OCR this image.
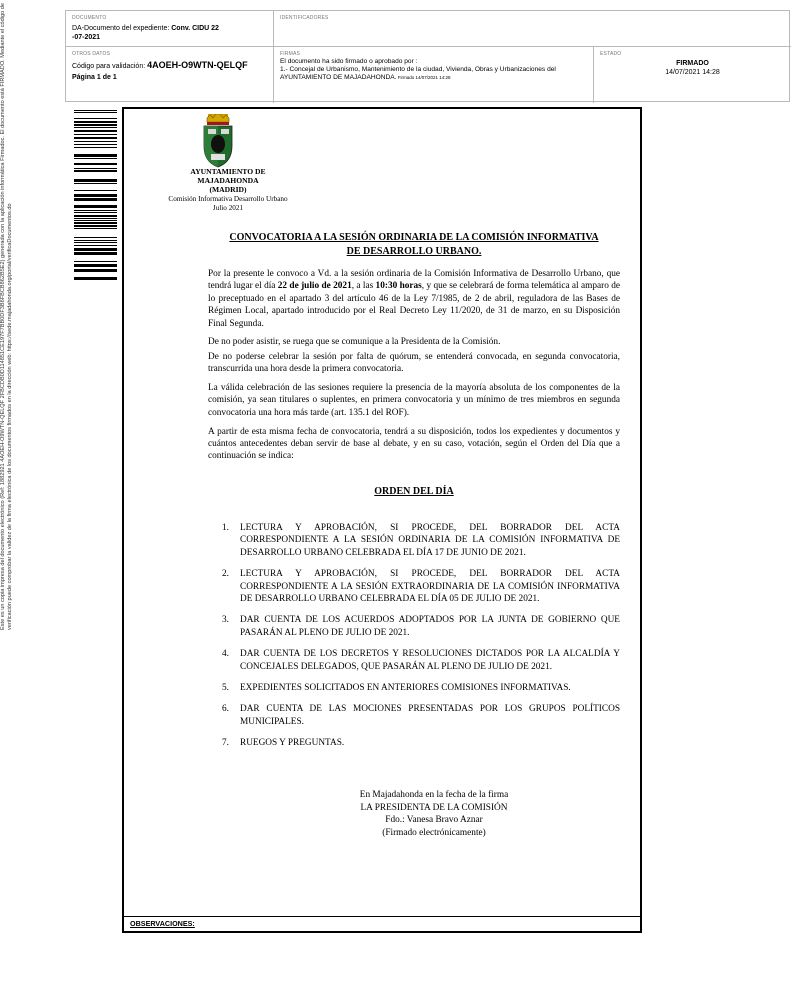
DOCUMENTO
DA-Documento del expediente: Conv. CIDU 22
-07-2021
IDENTIFICADORES
OTROS DATOS
Código para validación: 4AOEH-O9WTN-QELQF
Página 1 de 1
FIRMAS
El documento ha sido firmado o aprobado por :
1.- Concejal de Urbanismo, Mantenimiento de la ciudad, Vivienda, Obras y Urbanizaciones del
AYUNTAMIENTO DE MAJADAHONDA. Firmado 14/07/2021 14:28
ESTADO
FIRMADO
14/07/2021 14:28
Este es un copia impresa del documento electrónico (Ref: 1882921 4AOEH-O9WTN-QELQF 2FBCDB0D114851CE197F7BB0DF3B6FBCB862B5E2) generada con la aplicación informática Firmadoc. El documento está FIRMADO. Mediante el código de verificación puede comprobar la validez de la firma electrónica de los documentos firmados en la dirección web: https://sede.majadahonda.org/portal/verificaDocumentos.do
AYUNTAMIENTO DE
MAJADAHONDA
(MADRID)
Comisión Informativa Desarrollo Urbano
Julio 2021
CONVOCATORIA A LA SESIÓN ORDINARIA DE LA COMISIÓN INFORMATIVA
DE DESARROLLO URBANO.

Por la presente le convoco a Vd. a la sesión ordinaria de la Comisión Informativa de Desarrollo Urbano, que tendrá lugar el día 22 de julio de 2021, a las 10:30 horas, y que se celebrará de forma telemática al amparo de lo preceptuado en el apartado 3 del artículo 46 de la Ley 7/1985, de 2 de abril, reguladora de las Bases de Régimen Local, apartado introducido por el Real Decreto Ley 11/2020, de 31 de marzo, en su Disposición Final Segunda.

De no poder asistir, se ruega que se comunique a la Presidenta de la Comisión.

De no poderse celebrar la sesión por falta de quórum, se entenderá convocada, en segunda convocatoria, transcurrida una hora desde la primera convocatoria.

La válida celebración de las sesiones requiere la presencia de la mayoría absoluta de los componentes de la comisión, ya sean titulares o suplentes, en primera convocatoria y un mínimo de tres miembros en segunda convocatoria una hora más tarde (art. 135.1 del ROF).

A partir de esta misma fecha de convocatoria, tendrá a su disposición, todos los expedientes y documentos y cuántos antecedentes deban servir de base al debate, y en su caso, votación, según el Orden del Día que a continuación se indica:

ORDEN DEL DÍA
1. LECTURA Y APROBACIÓN, SI PROCEDE, DEL BORRADOR DEL ACTA CORRESPONDIENTE A LA SESIÓN ORDINARIA DE LA COMISIÓN INFORMATIVA DE DESARROLLO URBANO CELEBRADA EL DÍA 17 DE JUNIO DE 2021.
2. LECTURA Y APROBACIÓN, SI PROCEDE, DEL BORRADOR DEL ACTA CORRESPONDIENTE A LA SESIÓN EXTRAORDINARIA DE LA COMISIÓN INFORMATIVA DE DESARROLLO URBANO CELEBRADA EL DÍA 05 DE JULIO DE 2021.
3. DAR CUENTA DE LOS ACUERDOS ADOPTADOS POR LA JUNTA DE GOBIERNO QUE PASARÁN AL PLENO DE JULIO DE 2021.
4. DAR CUENTA DE LOS DECRETOS Y RESOLUCIONES DICTADOS POR LA ALCALDÍA Y CONCEJALES DELEGADOS, QUE PASARÁN AL PLENO DE JULIO DE 2021.
5. EXPEDIENTES SOLICITADOS EN ANTERIORES COMISIONES INFORMATIVAS.
6. DAR CUENTA DE LAS MOCIONES PRESENTADAS POR LOS GRUPOS POLÍTICOS MUNICIPALES.
7. RUEGOS Y PREGUNTAS.
En Majadahonda en la fecha de la firma
LA PRESIDENTA DE LA COMISIÓN
Fdo.: Vanesa Bravo Aznar
(Firmado electrónicamente)
OBSERVACIONES:
